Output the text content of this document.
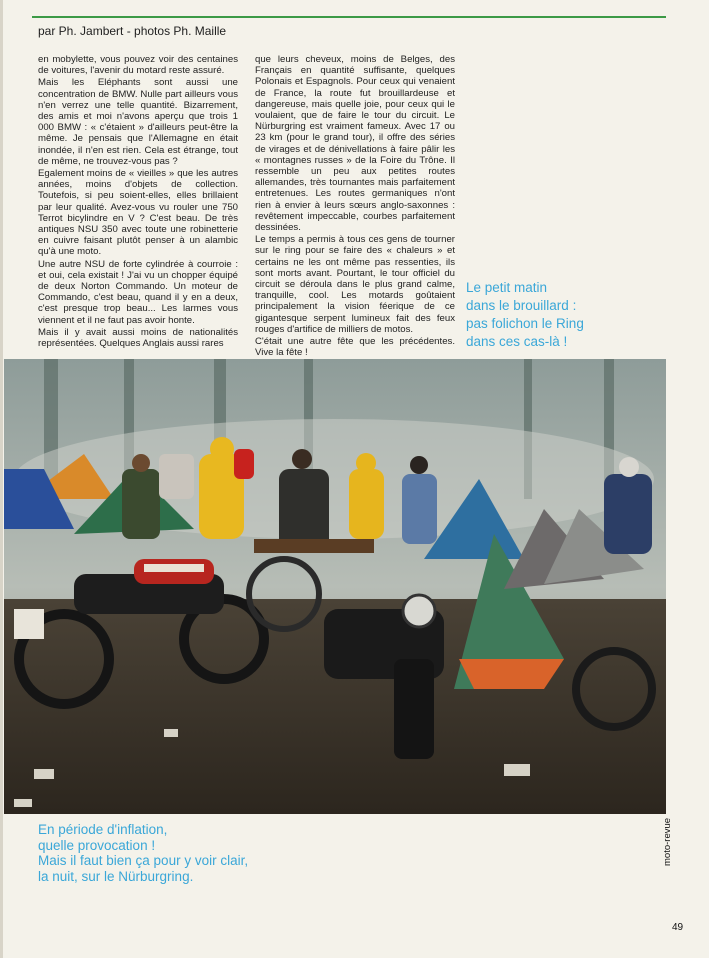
par Ph. Jambert - photos Ph. Maille

en mobylette, vous pouvez voir des centaines de voitures, l'avenir du motard reste assuré.

Mais les Eléphants sont aussi une concentration de BMW. Nulle part ailleurs vous n'en verrez une telle quantité. Bizarrement, des amis et moi n'avons aperçu que trois 1 000 BMW : « c'étaient » d'ailleurs peut-être la même. Je pensais que l'Allemagne en était inondée, il n'en est rien. Cela est étrange, tout de même, ne trouvez-vous pas ?

Egalement moins de « vieilles » que les autres années, moins d'objets de collection. Toutefois, si peu soient-elles, elles brillaient par leur qualité. Avez-vous vu rouler une 750 Terrot bicylindre en V ? C'est beau. De très antiques NSU 350 avec toute une robinetterie en cuivre faisant plutôt penser à un alambic qu'à une moto.

Une autre NSU de forte cylindrée à courroie : et oui, cela existait ! J'ai vu un chopper équipé de deux Norton Commando. Un moteur de Commando, c'est beau, quand il y en a deux, c'est presque trop beau... Les larmes vous viennent et il ne faut pas avoir honte.

Mais il y avait aussi moins de nationalités représentées. Quelques Anglais aussi rares

que leurs cheveux, moins de Belges, des Français en quantité suffisante, quelques Polonais et Espagnols. Pour ceux qui venaient de France, la route fut brouillardeuse et dangereuse, mais quelle joie, pour ceux qui le voulaient, que de faire le tour du circuit. Le Nürburgring est vraiment fameux. Avec 17 ou 23 km (pour le grand tour), il offre des séries de virages et de dénivellations à faire pâlir les « montagnes russes » de la Foire du Trône. Il ressemble un peu aux petites routes allemandes, très tournantes mais parfaitement entretenues. Les routes germaniques n'ont rien à envier à leurs sœurs anglo-saxonnes : revêtement impeccable, courbes parfaitement dessinées.

Le temps a permis à tous ces gens de tourner sur le ring pour se faire des « chaleurs » et certains ne les ont même pas ressenties, ils sont morts avant. Pourtant, le tour officiel du circuit se déroula dans le plus grand calme, tranquille, cool. Les motards goûtaient principalement la vision féerique de ce gigantesque serpent lumineux fait des feux rouges d'artifice de milliers de motos.

C'était une autre fête que les précédentes. Vive la fête !

Le petit matin
dans le brouillard :
pas folichon le Ring
dans ces cas-là !
En période d'inflation,
quelle provocation !
Mais il faut bien ça pour y voir clair,
la nuit, sur le Nürburgring.
moto-revue
49
